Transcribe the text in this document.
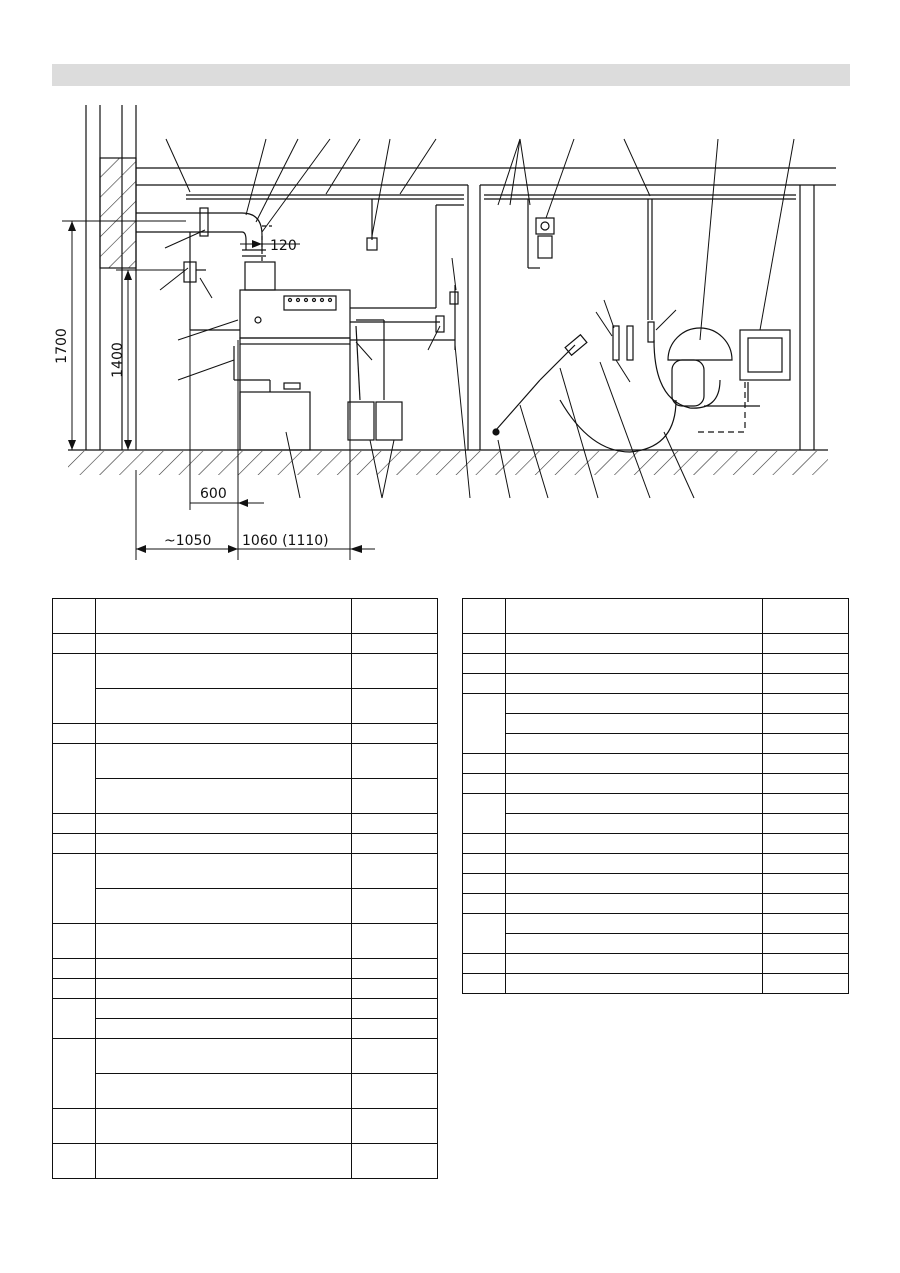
1700	1400
120
600
~1050 1060 (1110)
